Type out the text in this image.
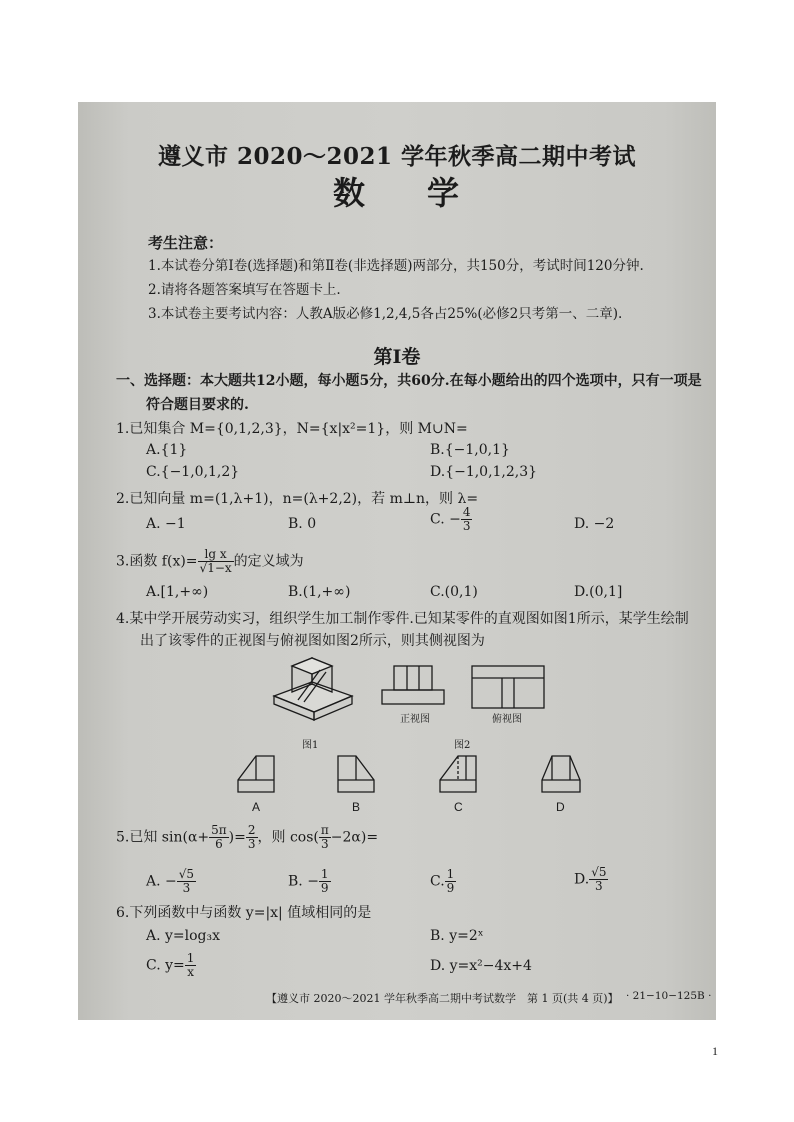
遵义市 2020～2021 学年秋季高二期中考试
数 学
考生注意：
1.本试卷分第Ⅰ卷(选择题)和第Ⅱ卷(非选择题)两部分，共150分，考试时间120分钟.
2.请将各题答案填写在答题卡上.
3.本试卷主要考试内容：人教A版必修1,2,4,5各占25%(必修2只考第一、二章).
第Ⅰ卷
一、选择题：本大题共12小题，每小题5分，共60分.在每小题给出的四个选项中，只有一项是
符合题目要求的.
1.已知集合 M={0,1,2,3}，N={x|x²=1}，则 M∪N=
A.{1}	B.{−1,0,1}
C.{−1,0,1,2}	D.{−1,0,1,2,3}
2.已知向量 m=(1,λ+1)，n=(λ+2,2)，若 m⊥n，则 λ=
A. −1	B. 0	C. − $\frac{4}{3}$	D. −2
3.函数 $f(x)= \frac{\text{lg x}}{√1-x}$ 的定义域为
A.[1,+∞)	B.(1,+∞)	C.(0,1)	D.(0,1]
4.某中学开展劳动实习，组织学生加工制作零件.已知某零件的直观图如图1所示，某学生绘制
出了该零件的正视图与俯视图如图2所示，则其侧视图为
图1
正视图	俯视图
图2
A	B	C	D
5.已知 $\sin(\alpha+ \frac{5\pi}{6}$ )= $\frac{2}{3}$ ，则 $\cos( \frac{\pi}{3} -2\alpha)=$
A. − $\frac{√5}{3}$	B. − $\frac{1}{9}$	C. $\frac{1}{9}$	D. $\frac{√5}{3}$
6.下列函数中与函数 y=|x| 值域相同的是
A. y=log₃x	B. y=2ˣ
C. $y= \frac{1}{x}$	D. y=x²−4x+4
【遵义市 2020～2021 学年秋季高二期中考试数学　第 1 页(共 4 页)】 · 21−10−125B ·
1
